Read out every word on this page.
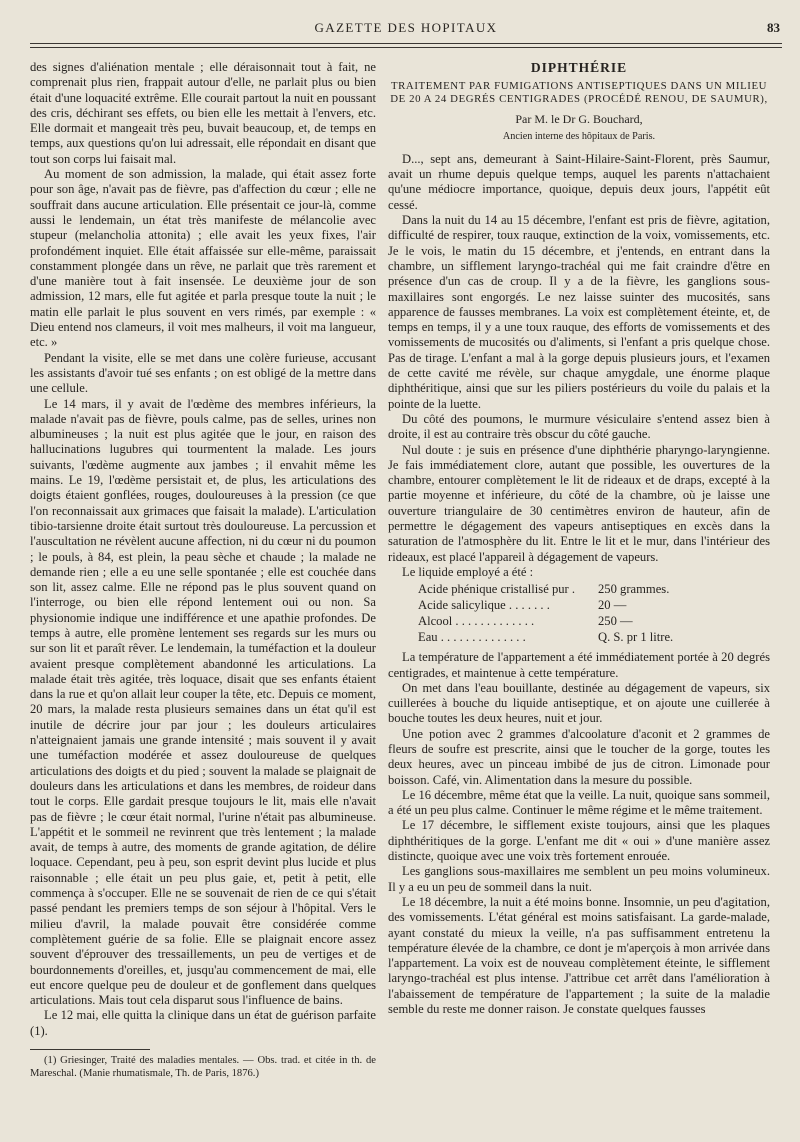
GAZETTE DES HOPITAUX	83

des signes d'aliénation mentale ; elle déraisonnait tout à fait, ne comprenait plus rien, frappait autour d'elle, ne parlait plus ou bien était d'une loquacité extrême. Elle courait partout la nuit en poussant des cris, déchirant ses effets, ou bien elle les mettait à l'envers, etc. Elle dormait et mangeait très peu, buvait beaucoup, et, de temps en temps, aux questions qu'on lui adressait, elle répondait en disant que tout son corps lui faisait mal.

Au moment de son admission, la malade, qui était assez forte pour son âge, n'avait pas de fièvre, pas d'affection du cœur ; elle ne souffrait dans aucune articulation. Elle présentait ce jour-là, comme aussi le lendemain, un état très manifeste de mélancolie avec stupeur (melancholia attonita) ; elle avait les yeux fixes, l'air profondément inquiet. Elle était affaissée sur elle-même, paraissait constamment plongée dans un rêve, ne parlait que très rarement et d'une manière tout à fait insensée. Le deuxième jour de son admission, 12 mars, elle fut agitée et parla presque toute la nuit ; le matin elle parlait le plus souvent en vers rimés, par exemple : « Dieu entend nos clameurs, il voit mes malheurs, il voit ma langueur, etc. »

Pendant la visite, elle se met dans une colère furieuse, accusant les assistants d'avoir tué ses enfants ; on est obligé de la mettre dans une cellule.

Le 14 mars, il y avait de l'œdème des membres inférieurs, la malade n'avait pas de fièvre, pouls calme, pas de selles, urines non albumineuses ; la nuit est plus agitée que le jour, en raison des hallucinations lugubres qui tourmentent la malade. Les jours suivants, l'œdème augmente aux jambes ; il envahit même les mains. Le 19, l'œdème persistait et, de plus, les articulations des doigts étaient gonflées, rouges, douloureuses à la pression (ce que l'on reconnaissait aux grimaces que faisait la malade). L'articulation tibio-tarsienne droite était surtout très douloureuse. La percussion et l'auscultation ne révèlent aucune affection, ni du cœur ni du poumon ; le pouls, à 84, est plein, la peau sèche et chaude ; la malade ne demande rien ; elle a eu une selle spontanée ; elle est couchée dans son lit, assez calme. Elle ne répond pas le plus souvent quand on l'interroge, ou bien elle répond lentement oui ou non. Sa physionomie indique une indifférence et une apathie profondes. De temps à autre, elle promène lentement ses regards sur les murs ou sur son lit et paraît rêver. Le lendemain, la tuméfaction et la douleur avaient presque complètement abandonné les articulations. La malade était très agitée, très loquace, disait que ses enfants étaient dans la rue et qu'on allait leur couper la tête, etc. Depuis ce moment, 20 mars, la malade resta plusieurs semaines dans un état qu'il est inutile de décrire jour par jour ; les douleurs articulaires n'atteignaient jamais une grande intensité ; mais souvent il y avait une tuméfaction modérée et assez douloureuse de quelques articulations des doigts et du pied ; souvent la malade se plaignait de douleurs dans les articulations et dans les membres, de roideur dans tout le corps. Elle gardait presque toujours le lit, mais elle n'avait pas de fièvre ; le cœur était normal, l'urine n'était pas albumineuse. L'appétit et le sommeil ne revinrent que très lentement ; la malade avait, de temps à autre, des moments de grande agitation, de délire loquace. Cependant, peu à peu, son esprit devint plus lucide et plus raisonnable ; elle était un peu plus gaie, et, petit à petit, elle commença à s'occuper. Elle ne se souvenait de rien de ce qui s'était passé pendant les premiers temps de son séjour à l'hôpital. Vers le milieu d'avril, la malade pouvait être considérée comme complètement guérie de sa folie. Elle se plaignait encore assez souvent d'éprouver des tressaillements, un peu de vertiges et de bourdonnements d'oreilles, et, jusqu'au commencement de mai, elle eut encore quelque peu de douleur et de gonflement dans quelques articulations. Mais tout cela disparut sous l'influence de bains.

Le 12 mai, elle quitta la clinique dans un état de guérison parfaite (1).

(1) Griesinger, Traité des maladies mentales. — Obs. trad. et citée in th. de Mareschal. (Manie rhumatismale, Th. de Paris, 1876.)

DIPHTHÉRIE
TRAITEMENT PAR FUMIGATIONS ANTISEPTIQUES DANS UN MILIEU DE 20 A 24 DEGRÉS CENTIGRADES (PROCÉDÉ RENOU, DE SAUMUR),
Par M. le Dr G. Bouchard,
Ancien interne des hôpitaux de Paris.

D..., sept ans, demeurant à Saint-Hilaire-Saint-Florent, près Saumur, avait un rhume depuis quelque temps, auquel les parents n'attachaient qu'une médiocre importance, quoique, depuis deux jours, l'appétit eût cessé.

Dans la nuit du 14 au 15 décembre, l'enfant est pris de fièvre, agitation, difficulté de respirer, toux rauque, extinction de la voix, vomissements, etc. Je le vois, le matin du 15 décembre, et j'entends, en entrant dans la chambre, un sifflement laryngo-trachéal qui me fait craindre d'être en présence d'un cas de croup. Il y a de la fièvre, les ganglions sous-maxillaires sont engorgés. Le nez laisse suinter des mucosités, sans apparence de fausses membranes. La voix est complètement éteinte, et, de temps en temps, il y a une toux rauque, des efforts de vomissements et des vomissements de mucosités ou d'aliments, si l'enfant a pris quelque chose. Pas de tirage. L'enfant a mal à la gorge depuis plusieurs jours, et l'examen de cette cavité me révèle, sur chaque amygdale, une énorme plaque diphthéritique, ainsi que sur les piliers postérieurs du voile du palais et la pointe de la luette.

Du côté des poumons, le murmure vésiculaire s'entend assez bien à droite, il est au contraire très obscur du côté gauche.

Nul doute : je suis en présence d'une diphthérie pharyngo-laryngienne. Je fais immédiatement clore, autant que possible, les ouvertures de la chambre, entourer complètement le lit de rideaux et de draps, excepté à la partie moyenne et inférieure, du côté de la chambre, où je laisse une ouverture triangulaire de 30 centimètres environ de hauteur, afin de permettre le dégagement des vapeurs antiseptiques en excès dans la saturation de l'atmosphère du lit. Entre le lit et le mur, dans l'intérieur des rideaux, est placé l'appareil à dégagement de vapeurs.

Le liquide employé a été :

Acide phénique cristallisé pur .	250 grammes.
Acide salicylique . . . . . . .	20 —
Alcool . . . . . . . . . . . . .	250 —
Eau . . . . . . . . . . . . . .	Q. S. pr 1 litre.

La température de l'appartement a été immédiatement portée à 20 degrés centigrades, et maintenue à cette température.

On met dans l'eau bouillante, destinée au dégagement de vapeurs, six cuillerées à bouche du liquide antiseptique, et on ajoute une cuillerée à bouche toutes les deux heures, nuit et jour.

Une potion avec 2 grammes d'alcoolature d'aconit et 2 grammes de fleurs de soufre est prescrite, ainsi que le toucher de la gorge, toutes les deux heures, avec un pinceau imbibé de jus de citron. Limonade pour boisson. Café, vin. Alimentation dans la mesure du possible.

Le 16 décembre, même état que la veille. La nuit, quoique sans sommeil, a été un peu plus calme. Continuer le même régime et le même traitement.

Le 17 décembre, le sifflement existe toujours, ainsi que les plaques diphthéritiques de la gorge. L'enfant me dit « oui » d'une manière assez distincte, quoique avec une voix très fortement enrouée.

Les ganglions sous-maxillaires me semblent un peu moins volumineux. Il y a eu un peu de sommeil dans la nuit.

Le 18 décembre, la nuit a été moins bonne. Insomnie, un peu d'agitation, des vomissements. L'état général est moins satisfaisant. La garde-malade, ayant constaté du mieux la veille, n'a pas suffisamment entretenu la température élevée de la chambre, ce dont je m'aperçois à mon arrivée dans l'appartement. La voix est de nouveau complètement éteinte, le sifflement laryngo-trachéal est plus intense. J'attribue cet arrêt dans l'amélioration à l'abaissement de température de l'appartement ; la suite de la maladie semble du reste me donner raison. Je constate quelques fausses
